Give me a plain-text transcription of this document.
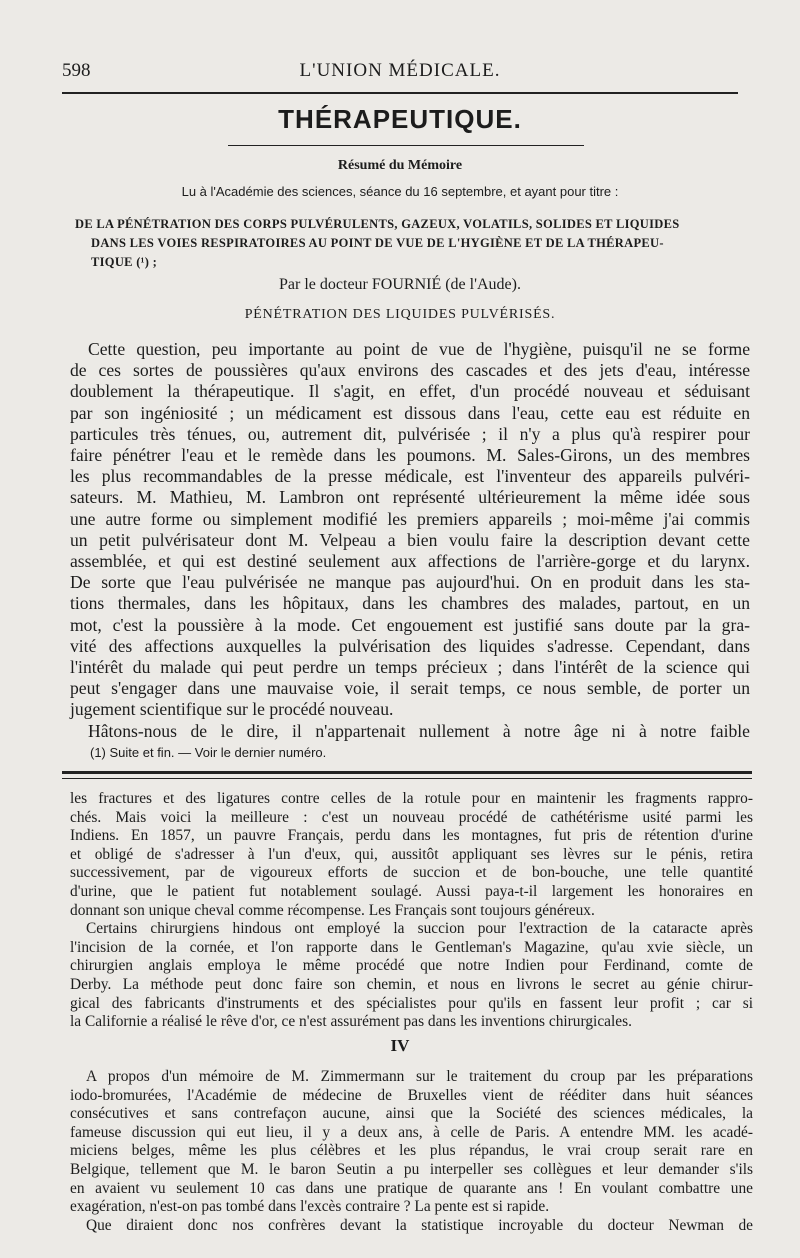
598	L'UNION MÉDICALE.
THÉRAPEUTIQUE.
Résumé du Mémoire
Lu à l'Académie des sciences, séance du 16 septembre, et ayant pour titre :
DE LA PÉNÉTRATION DES CORPS PULVÉRULENTS, GAZEUX, VOLATILS, SOLIDES ET LIQUIDES
DANS LES VOIES RESPIRATOIRES AU POINT DE VUE DE L'HYGIÈNE ET DE LA THÉRAPEU-
TIQUE (¹) ;
Par le docteur FOURNIÉ (de l'Aude).
PÉNÉTRATION DES LIQUIDES PULVÉRISÉS.
Cette question, peu importante au point de vue de l'hygiène, puisqu'il ne se forme
de ces sortes de poussières qu'aux environs des cascades et des jets d'eau, intéresse
doublement la thérapeutique. Il s'agit, en effet, d'un procédé nouveau et séduisant
par son ingéniosité ; un médicament est dissous dans l'eau, cette eau est réduite en
particules très ténues, ou, autrement dit, pulvérisée ; il n'y a plus qu'à respirer pour
faire pénétrer l'eau et le remède dans les poumons. M. Sales-Girons, un des membres
les plus recommandables de la presse médicale, est l'inventeur des appareils pulvéri-
sateurs. M. Mathieu, M. Lambron ont représenté ultérieurement la même idée sous
une autre forme ou simplement modifié les premiers appareils ; moi-même j'ai commis
un petit pulvérisateur dont M. Velpeau a bien voulu faire la description devant cette
assemblée, et qui est destiné seulement aux affections de l'arrière-gorge et du larynx.
De sorte que l'eau pulvérisée ne manque pas aujourd'hui. On en produit dans les sta-
tions thermales, dans les hôpitaux, dans les chambres des malades, partout, en un
mot, c'est la poussière à la mode. Cet engouement est justifié sans doute par la gra-
vité des affections auxquelles la pulvérisation des liquides s'adresse. Cependant, dans
l'intérêt du malade qui peut perdre un temps précieux ; dans l'intérêt de la science qui
peut s'engager dans une mauvaise voie, il serait temps, ce nous semble, de porter un
jugement scientifique sur le procédé nouveau.
Hâtons-nous de le dire, il n'appartenait nullement à notre âge ni à notre faible
(1) Suite et fin. — Voir le dernier numéro.
les fractures et des ligatures contre celles de la rotule pour en maintenir les fragments rappro-
chés. Mais voici la meilleure : c'est un nouveau procédé de cathétérisme usité parmi les
Indiens. En 1857, un pauvre Français, perdu dans les montagnes, fut pris de rétention d'urine
et obligé de s'adresser à l'un d'eux, qui, aussitôt appliquant ses lèvres sur le pénis, retira
successivement, par de vigoureux efforts de succion et de bon-bouche, une telle quantité
d'urine, que le patient fut notablement soulagé. Aussi paya-t-il largement les honoraires en
donnant son unique cheval comme récompense. Les Français sont toujours généreux.
Certains chirurgiens hindous ont employé la succion pour l'extraction de la cataracte après
l'incision de la cornée, et l'on rapporte dans le Gentleman's Magazine, qu'au xvie siècle, un
chirurgien anglais employa le même procédé que notre Indien pour Ferdinand, comte de
Derby. La méthode peut donc faire son chemin, et nous en livrons le secret au génie chirur-
gical des fabricants d'instruments et des spécialistes pour qu'ils en fassent leur profit ; car si
la Californie a réalisé le rêve d'or, ce n'est assurément pas dans les inventions chirurgicales.
IV
A propos d'un mémoire de M. Zimmermann sur le traitement du croup par les préparations
iodo-bromurées, l'Académie de médecine de Bruxelles vient de rééditer dans huit séances
consécutives et sans contrefaçon aucune, ainsi que la Société des sciences médicales, la
fameuse discussion qui eut lieu, il y a deux ans, à celle de Paris. A entendre MM. les acadé-
miciens belges, même les plus célèbres et les plus répandus, le vrai croup serait rare en
Belgique, tellement que M. le baron Seutin a pu interpeller ses collègues et leur demander s'ils
en avaient vu seulement 10 cas dans une pratique de quarante ans ! En voulant combattre une
exagération, n'est-on pas tombé dans l'excès contraire ? La pente est si rapide.
Que diraient donc nos confrères devant la statistique incroyable du docteur Newman de
